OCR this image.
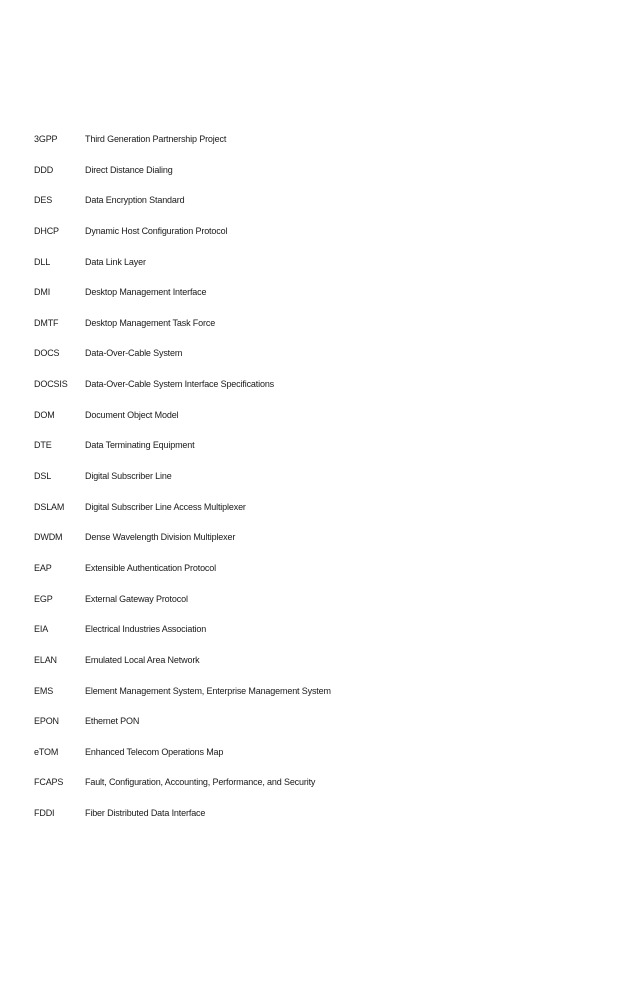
3GPP	Third Generation Partnership Project
DDD	Direct Distance Dialing
DES	Data Encryption Standard
DHCP	Dynamic Host Configuration Protocol
DLL	Data Link Layer
DMI	Desktop Management Interface
DMTF	Desktop Management Task Force
DOCS	Data-Over-Cable System
DOCSIS	Data-Over-Cable System Interface Specifications
DOM	Document Object Model
DTE	Data Terminating Equipment
DSL	Digital Subscriber Line
DSLAM	Digital Subscriber Line Access Multiplexer
DWDM	Dense Wavelength Division Multiplexer
EAP	Extensible Authentication Protocol
EGP	External Gateway Protocol
EIA	Electrical Industries Association
ELAN	Emulated Local Area Network
EMS	Element Management System, Enterprise Management System
EPON	Ethernet PON
eTOM	Enhanced Telecom Operations Map
FCAPS	Fault, Configuration, Accounting, Performance, and Security
FDDI	Fiber Distributed Data Interface
